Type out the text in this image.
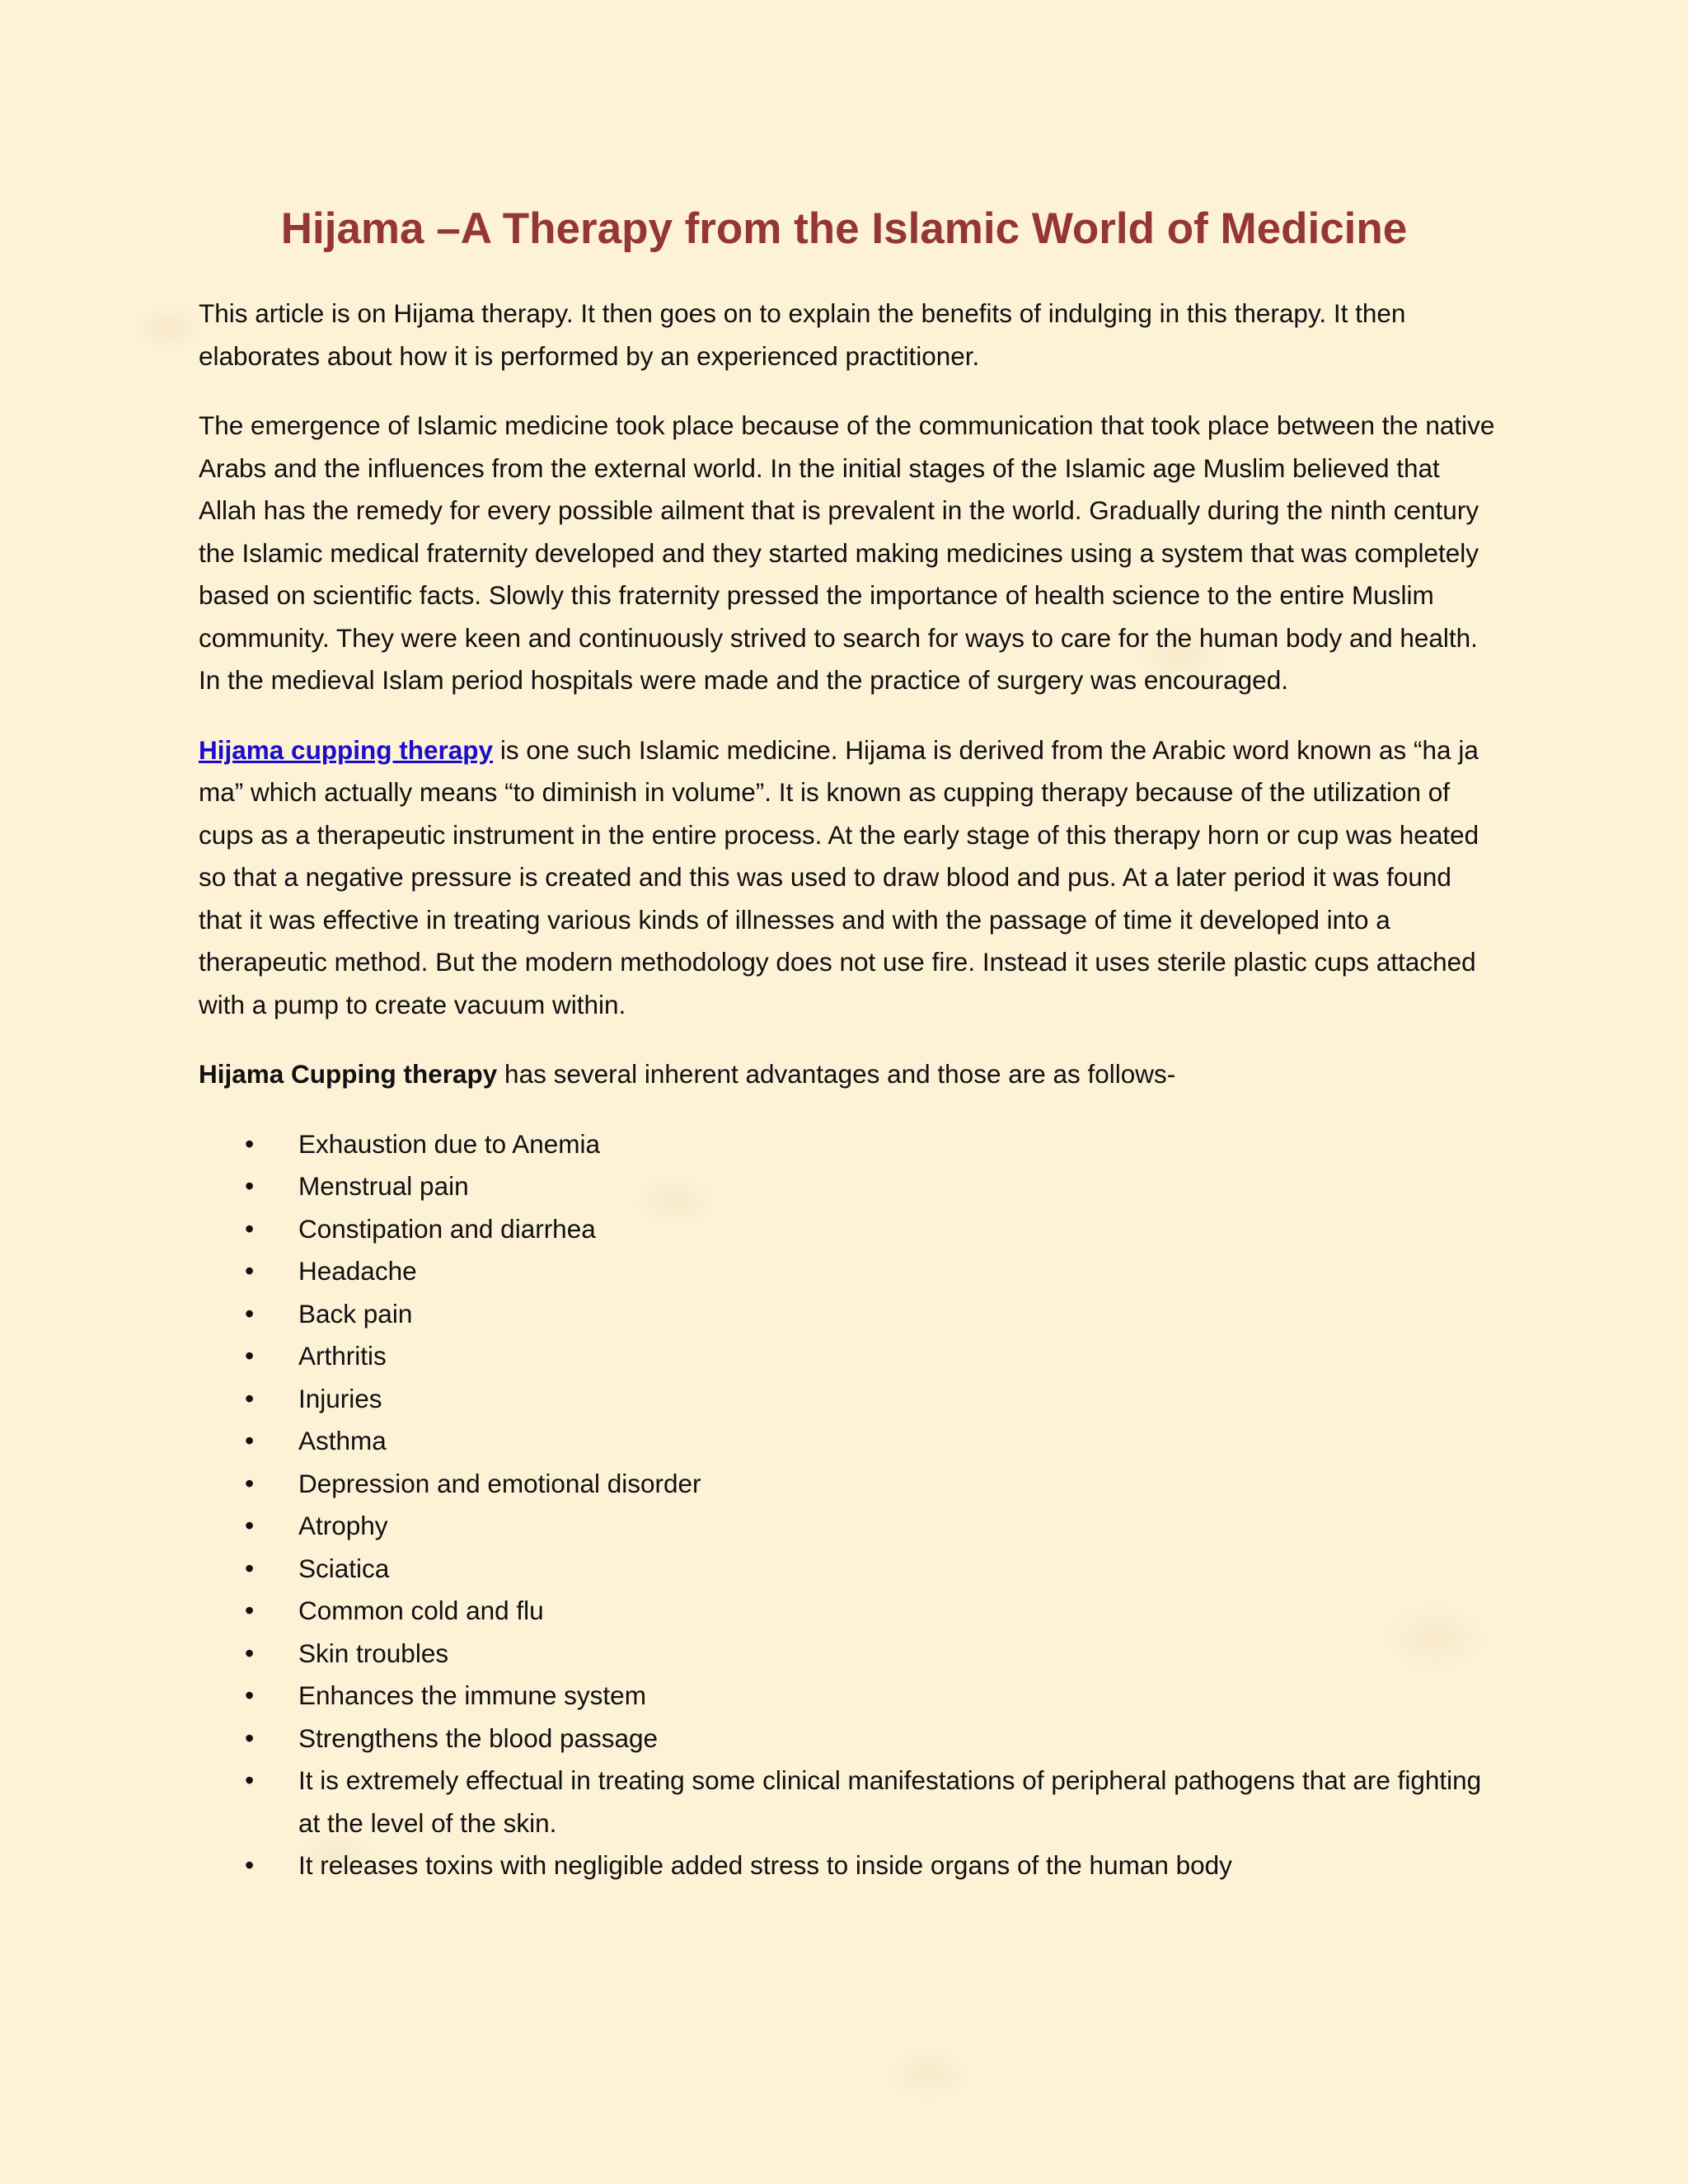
Hijama –A Therapy from the Islamic World of Medicine

This article is on Hijama therapy. It then goes on to explain the benefits of indulging in this therapy. It then elaborates about how it is performed by an experienced practitioner.

The emergence of Islamic medicine took place because of the communication that took place between the native Arabs and the influences from the external world. In the initial stages of the Islamic age Muslim believed that Allah has the remedy for every possible ailment that is prevalent in the world. Gradually during the ninth century the Islamic medical fraternity developed and they started making medicines using a system that was completely based on scientific facts. Slowly this fraternity pressed the importance of health science to the entire Muslim community. They were keen and continuously strived to search for ways to care for the human body and health. In the medieval Islam period hospitals were made and the practice of surgery was encouraged.

Hijama cupping therapy is one such Islamic medicine. Hijama is derived from the Arabic word known as “ha ja ma” which actually means “to diminish in volume”. It is known as cupping therapy because of the utilization of cups as a therapeutic instrument in the entire process. At the early stage of this therapy horn or cup was heated so that a negative pressure is created and this was used to draw blood and pus. At a later period it was found that it was effective in treating various kinds of illnesses and with the passage of time it developed into a therapeutic method. But the modern methodology does not use fire. Instead it uses sterile plastic cups attached with a pump to create vacuum within.

Hijama Cupping therapy has several inherent advantages and those are as follows-

• Exhaustion due to Anemia
• Menstrual pain
• Constipation and diarrhea
• Headache
• Back pain
• Arthritis
• Injuries
• Asthma
• Depression and emotional disorder
• Atrophy
• Sciatica
• Common cold and flu
• Skin troubles
• Enhances the immune system
• Strengthens the blood passage
• It is extremely effectual in treating some clinical manifestations of peripheral pathogens that are fighting at the level of the skin.
• It releases toxins with negligible added stress to inside organs of the human body
